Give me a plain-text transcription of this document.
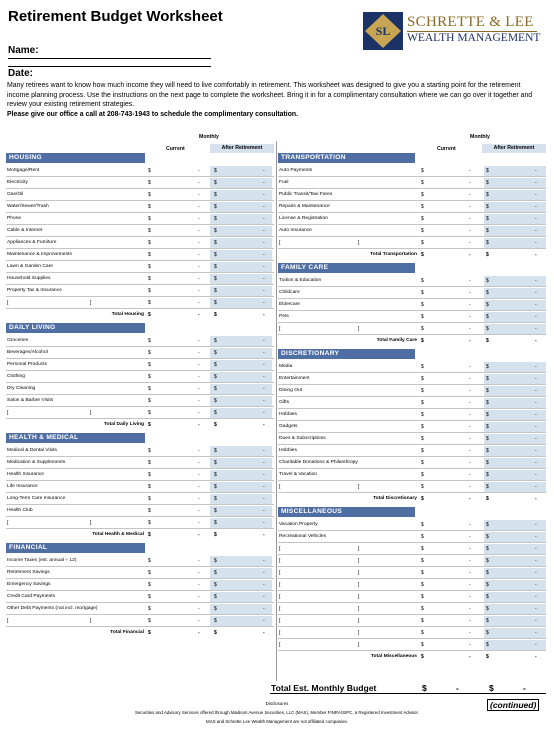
Retirement Budget Worksheet
SL
SCHRETTE & LEE
WEALTH MANAGEMENT
Name:
Date:

Many retirees want to know how much income they will need to live comfortably in retirement. This worksheet was designed to give you a starting point for the retirement income planning process. Use the instructions on the next page to complete the worksheet. Bring it in for a complimentary consultation where we can go over it together and review your existing retirement strategies.

Please give our office a call at 208-743-1943 to schedule the complimentary consultation.

Monthly
Current	After Retirement
Monthly
Current	After Retirement
HOUSING
Mortgage/Rent	$	-	$	-
Electricity	$	-	$	-
Gas/Oil	$	-	$	-
Water/Sewer/Trash	$	-	$	-
Phone	$	-	$	-
Cable & Internet	$	-	$	-
Appliances & Furniture	$	-	$	-
Maintenance & Improvements	$	-	$	-
Lawn & Garden Care	$	-	$	-
Household Supplies	$	-	$	-
Property Tax & Insurance	$	-	$	-
[	]	$	-	$	-
Total Housing $	-	$	-
DAILY LIVING
Groceries	$	-	$	-
Beverages/Alcohol	$	-	$	-
Personal Products	$	-	$	-
Clothing	$	-	$	-
Dry Cleaning	$	-	$	-
Salon & Barber Visits	$	-	$	-
[	]	$	-	$	-
Total Daily Living $	-	$	-
HEALTH & MEDICAL
Medical & Dental Visits	$	-	$	-
Medication & Supplements	$	-	$	-
Health Insurance	$	-	$	-
Life Insurance	$	-	$	-
Long-Term Care Insurance	$	-	$	-
Health Club	$	-	$	-
[	]	$	-	$	-
Total Health & Medical $	-	$	-
FINANCIAL
Income Taxes (est. annual ÷ 12)	$	-	$	-
Retirement Savings	$	-	$	-
Emergency Savings	$	-	$	-
Credit Card Payments	$	-	$	-
Other Debt Payments (not incl. mortgage)	$	-	$	-
[	]	$	-	$	-
Total Financial $	-	$	-
TRANSPORTATION
Auto Payments	$	-	$	-
Fuel	$	-	$	-
Public Transit/Taxi Fares	$	-	$	-
Repairs & Maintenance	$	-	$	-
License & Registration	$	-	$	-
Auto Insurance	$	-	$	-
[	]	$	-	$	-
Total Transportation $	-	$	-
FAMILY CARE
Tuition & Education	$	-	$	-
Childcare	$	-	$	-
Eldercare	$	-	$	-
Pets	$	-	$	-
[	]	$	-	$	-
Total Family Care $	-	$	-
DISCRETIONARY
Media	$	-	$	-
Entertainment	$	-	$	-
Dining Out	$	-	$	-
Gifts	$	-	$	-
Hobbies	$	-	$	-
Gadgets	$	-	$	-
Dues & Subscriptions	$	-	$	-
Hobbies	$	-	$	-
Charitable Donations & Philanthropy	$	-	$	-
Travel & Vacation	$	-	$	-
[	]	$	-	$	-
Total Discretionary $	-	$	-
MISCELLANEOUS
Vacation Property	$	-	$	-
Recreational Vehicles	$	-	$	-
[	]	$	-	$	-
[	]	$	-	$	-
[	]	$	-	$	-
[	]	$	-	$	-
[	]	$	-	$	-
[	]	$	-	$	-
[	]	$	-	$	-
[	]	$	-	$	-
[	]	$	-	$	-
Total Miscellaneous $	-	$	-
Total Est. Monthly Budget	$	-	$	-
Disclosures
Securities and Advisory Services offered through Madison Avenue Securities, LLC (MAS), Member FINRA/SIPC, a Registered Investment Advisor.
MAS and Schrette Lee Wealth Management are not affiliated companies.
(continued)
